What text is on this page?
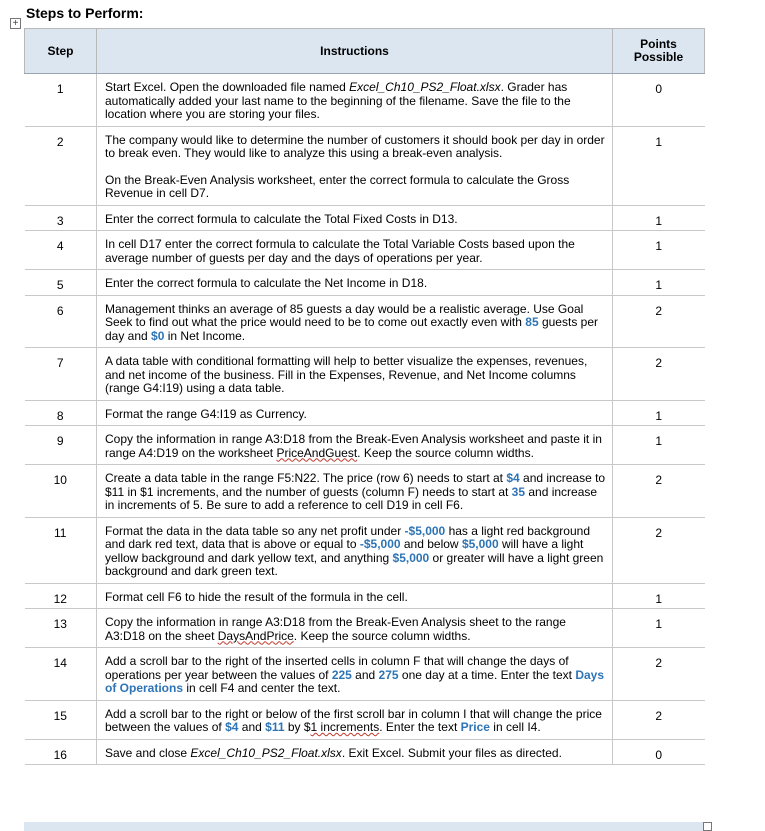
+
Steps to Perform:
Step	Instructions	Points Possible
1	Start Excel. Open the downloaded file named Excel_Ch10_PS2_Float.xlsx. Grader has automatically added your last name to the beginning of the filename. Save the file to the location where you are storing your files.	0
2	The company would like to determine the number of customers it should book per day in order to break even. They would like to analyze this using a break-even analysis.
On the Break-Even Analysis worksheet, enter the correct formula to calculate the Gross Revenue in cell D7.	1
3	Enter the correct formula to calculate the Total Fixed Costs in D13.	1
4	In cell D17 enter the correct formula to calculate the Total Variable Costs based upon the average number of guests per day and the days of operations per year.	1
5	Enter the correct formula to calculate the Net Income in D18.	1
6	Management thinks an average of 85 guests a day would be a realistic average. Use Goal Seek to find out what the price would need to be to come out exactly even with 85 guests per day and $0 in Net Income.	2
7	A data table with conditional formatting will help to better visualize the expenses, revenues, and net income of the business. Fill in the Expenses, Revenue, and Net Income columns (range G4:I19) using a data table.	2
8	Format the range G4:I19 as Currency.	1
9	Copy the information in range A3:D18 from the Break-Even Analysis worksheet and paste it in range A4:D19 on the worksheet PriceAndGuest. Keep the source column widths.	1
10	Create a data table in the range F5:N22. The price (row 6) needs to start at $4 and increase to $11 in $1 increments, and the number of guests (column F) needs to start at 35 and increase in increments of 5. Be sure to add a reference to cell D19 in cell F6.	2
11	Format the data in the data table so any net profit under -$5,000 has a light red background and dark red text, data that is above or equal to -$5,000 and below $5,000 will have a light yellow background and dark yellow text, and anything $5,000 or greater will have a light green background and dark green text.	2
12	Format cell F6 to hide the result of the formula in the cell.	1
13	Copy the information in range A3:D18 from the Break-Even Analysis sheet to the range A3:D18 on the sheet DaysAndPrice. Keep the source column widths.	1
14	Add a scroll bar to the right of the inserted cells in column F that will change the days of operations per year between the values of 225 and 275 one day at a time. Enter the text Days of Operations in cell F4 and center the text.	2
15	Add a scroll bar to the right or below of the first scroll bar in column I that will change the price between the values of $4 and $11 by $1 increments. Enter the text Price in cell I4.	2
16	Save and close Excel_Ch10_PS2_Float.xlsx. Exit Excel. Submit your files as directed.	0
